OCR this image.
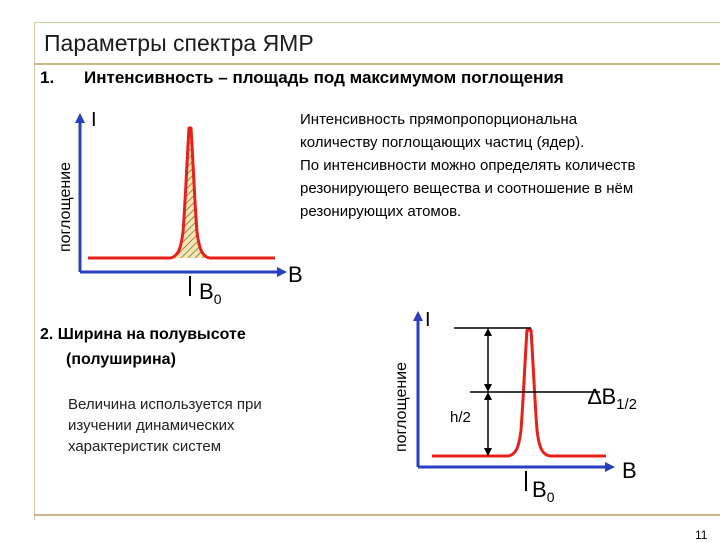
Параметры спектра ЯМР
1. Интенсивность – площадь под максимумом поглощения
Интенсивность прямопропорциональна
количеству поглощающих частиц (ядер).
По интенсивности можно определять количеств
резонирующего вещества и соотношение в нём
резонирующих атомов.
2. Ширина на полувысоте
(полуширина)
Величина используется при
изучении динамических
характеристик систем
11
поглощение
I
B
$B_0$
поглощение
I
B
h/2
$\Delta B_{1/2}$
$B_0$
